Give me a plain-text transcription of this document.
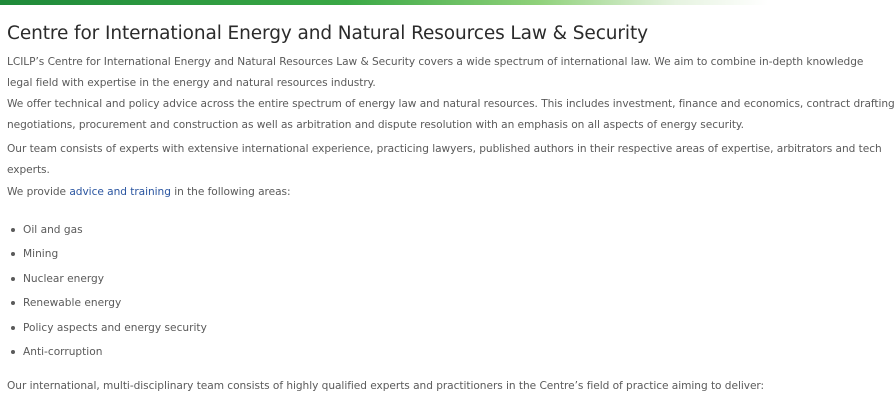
Centre for International Energy and Natural Resources Law & Security

LCILP’s Centre for International Energy and Natural Resources Law & Security covers a wide spectrum of international law. We aim to combine in-depth knowledge
legal field with expertise in the energy and natural resources industry.

We offer technical and policy advice across the entire spectrum of energy law and natural resources. This includes investment, finance and economics, contract drafting
negotiations, procurement and construction as well as arbitration and dispute resolution with an emphasis on all aspects of energy security.

Our team consists of experts with extensive international experience, practicing lawyers, published authors in their respective areas of expertise, arbitrators and tech
experts.

We provide advice and training in the following areas:

Oil and gas
Mining
Nuclear energy
Renewable energy
Policy aspects and energy security
Anti-corruption

Our international, multi-disciplinary team consists of highly qualified experts and practitioners in the Centre’s field of practice aiming to deliver:
